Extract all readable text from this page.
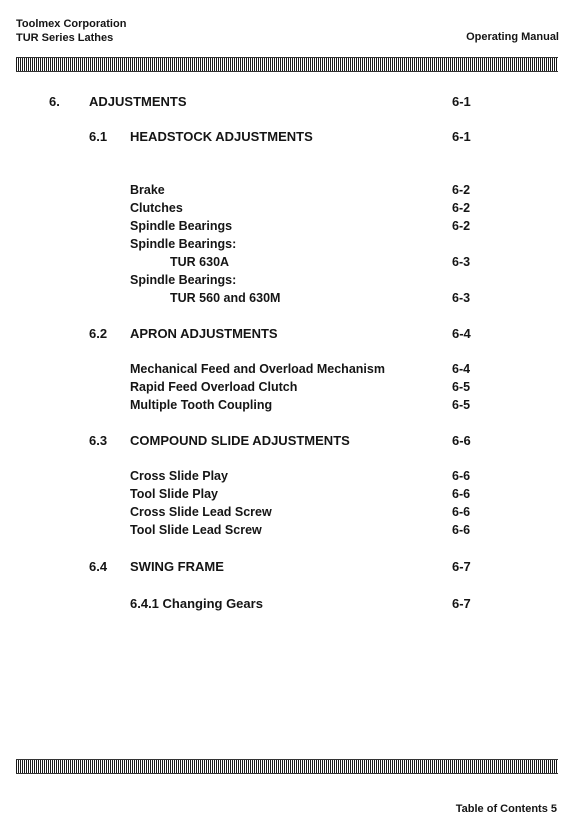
Toolmex Corporation
TUR Series Lathes	Operating Manual
6. ADJUSTMENTS	6-1
6.1 HEADSTOCK ADJUSTMENTS	6-1
Brake	6-2
Clutches	6-2
Spindle Bearings	6-2
Spindle Bearings:
TUR 630A	6-3
Spindle Bearings:
TUR 560 and 630M	6-3
6.2 APRON ADJUSTMENTS	6-4
Mechanical Feed and Overload Mechanism	6-4
Rapid Feed Overload Clutch	6-5
Multiple Tooth Coupling	6-5
6.3 COMPOUND SLIDE ADJUSTMENTS	6-6
Cross Slide Play	6-6
Tool Slide Play	6-6
Cross Slide Lead Screw	6-6
Tool Slide Lead Screw	6-6
6.4 SWING FRAME	6-7
6.4.1 Changing Gears	6-7
Table of Contents 5
